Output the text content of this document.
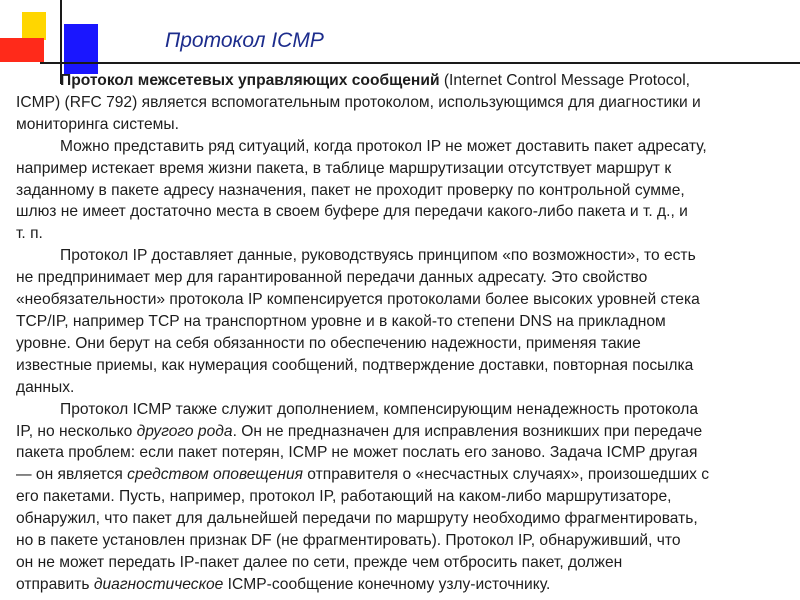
Протокол ICMP
Протокол межсетевых управляющих сообщений (Internet Control Message Protocol,
ICMP) (RFC 792) является вспомогательным протоколом, использующимся для диагностики и
мониторинга системы.
Можно представить ряд ситуаций, когда протокол IP не может доставить пакет адресату,
например истекает время жизни пакета, в таблице маршрутизации отсутствует маршрут к
заданному в пакете адресу назначения, пакет не проходит проверку по контрольной сумме,
шлюз не имеет достаточно места в своем буфере для передачи какого-либо пакета и т. д., и
т. п.
Протокол IP доставляет данные, руководствуясь принципом «по возможности», то есть
не предпринимает мер для гарантированной передачи данных адресату. Это свойство
«необязательности» протокола IP компенсируется протоколами более высоких уровней стека
TCP/IP, например TCP на транспортном уровне и в какой-то степени DNS на прикладном
уровне. Они берут на себя обязанности по обеспечению надежности, применяя такие
известные приемы, как нумерация сообщений, подтверждение доставки, повторная посылка
данных.
Протокол ICMP также служит дополнением, компенсирующим ненадежность протокола
IP, но несколько другого рода. Он не предназначен для исправления возникших при передаче
пакета проблем: если пакет потерян, ICMP не может послать его заново. Задача ICMP другая
— он является средством оповещения отправителя о «несчастных случаях», произошедших с
его пакетами. Пусть, например, протокол IP, работающий на каком-либо маршрутизаторе,
обнаружил, что пакет для дальнейшей передачи по маршруту необходимо фрагментировать,
но в пакете установлен признак DF (не фрагментировать). Протокол IP, обнаруживший, что
он не может передать IP-пакет далее по сети, прежде чем отбросить пакет, должен
отправить диагностическое ICMP-сообщение конечному узлу-источнику.
